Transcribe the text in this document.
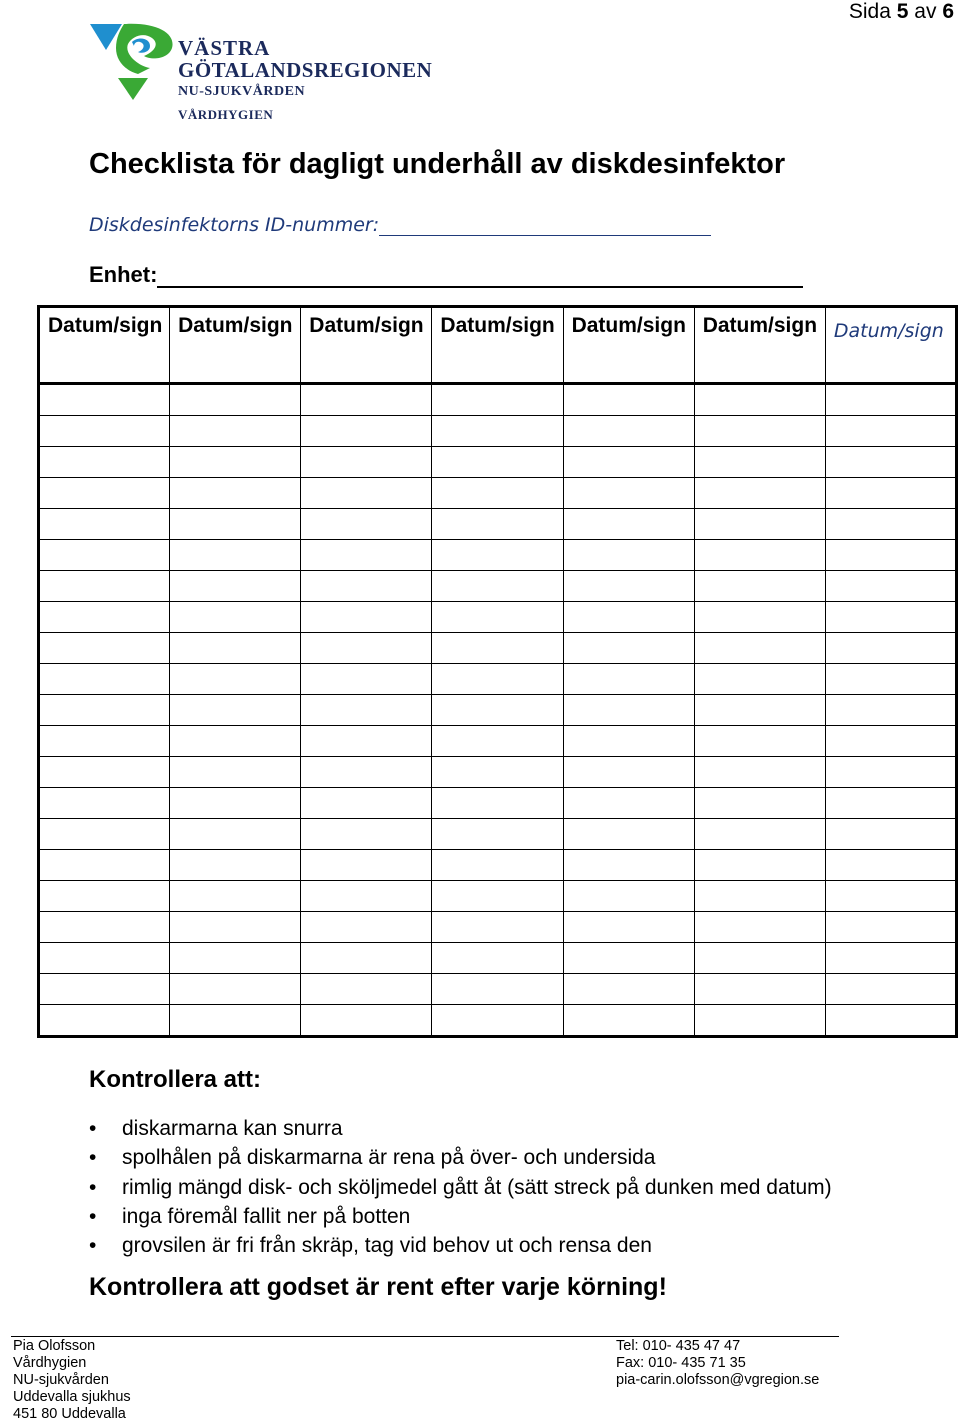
Sida 5 av 6
VÄSTRA
GÖTALANDSREGIONEN
NU-SJUKVÅRDEN
VÅRDHYGIEN
Checklista för dagligt underhåll av diskdesinfektor
Diskdesinfektorns ID-nummer:
Enhet:
Datum/sign	Datum/sign	Datum/sign	Datum/sign	Datum/sign	Datum/sign	Datum/sign

Kontrollera att:
• diskarmarna kan snurra
• spolhålen på diskarmarna är rena på över- och undersida
• rimlig mängd disk- och sköljmedel gått åt (sätt streck på dunken med datum)
• inga föremål fallit ner på botten
• grovsilen är fri från skräp, tag vid behov ut och rensa den
Kontrollera att godset är rent efter varje körning!
Pia Olofsson
Vårdhygien
NU-sjukvården
Uddevalla sjukhus
451 80 Uddevalla
Tel: 010- 435 47 47
Fax: 010- 435 71 35
pia-carin.olofsson@vgregion.se
